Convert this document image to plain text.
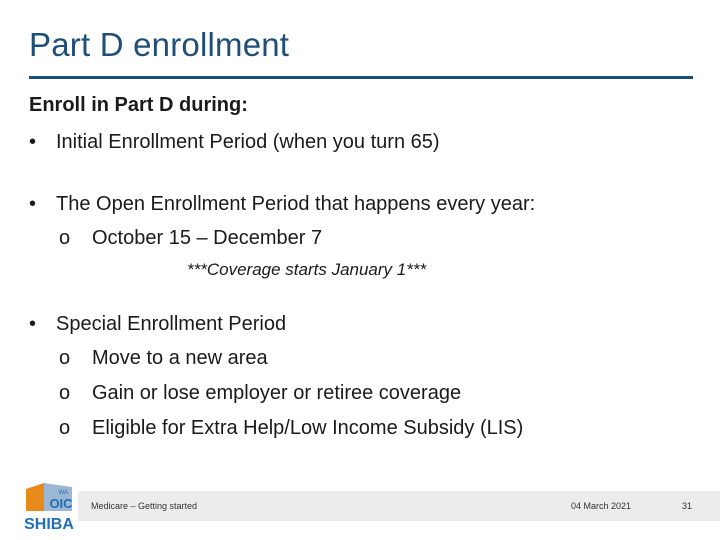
Part D enrollment
Enroll in Part D during:
• Initial Enrollment Period (when you turn 65)
• The Open Enrollment Period that happens every year:
o October 15 – December 7
***Coverage starts January 1***
• Special Enrollment Period
o Move to a new area
o Gain or lose employer or retiree coverage
o Eligible for Extra Help/Low Income Subsidy (LIS)
Medicare – Getting started	04 March 2021	31
WA
OIC
SHIBA
